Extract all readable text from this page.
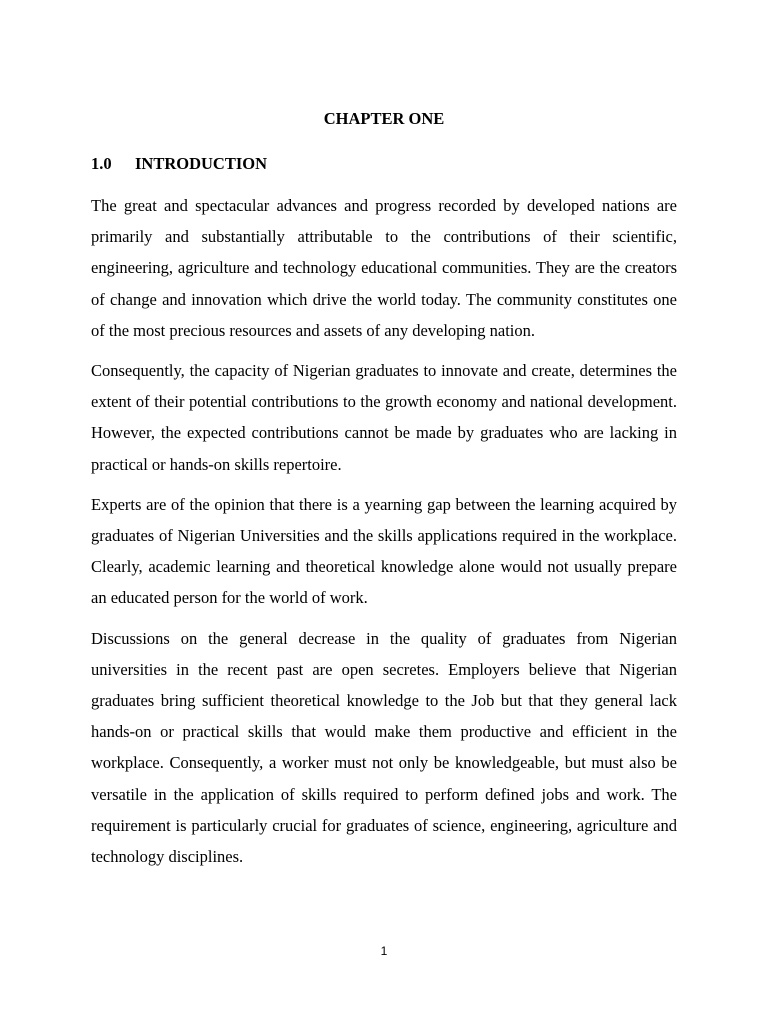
CHAPTER ONE
1.0 INTRODUCTION

The great and spectacular advances and progress recorded by developed nations are primarily and substantially attributable to the contributions of their scientific, engineering, agriculture and technology educational communities. They are the creators of change and innovation which drive the world today. The community constitutes one of the most precious resources and assets of any developing nation.

Consequently, the capacity of Nigerian graduates to innovate and create, determines the extent of their potential contributions to the growth economy and national development. However, the expected contributions cannot be made by graduates who are lacking in practical or hands-on skills repertoire.

Experts are of the opinion that there is a yearning gap between the learning acquired by graduates of Nigerian Universities and the skills applications required in the workplace. Clearly, academic learning and theoretical knowledge alone would not usually prepare an educated person for the world of work.

Discussions on the general decrease in the quality of graduates from Nigerian universities in the recent past are open secretes. Employers believe that Nigerian graduates bring sufficient theoretical knowledge to the Job but that they general lack hands-on or practical skills that would make them productive and efficient in the workplace. Consequently, a worker must not only be knowledgeable, but must also be versatile in the application of skills required to perform defined jobs and work. The requirement is particularly crucial for graduates of science, engineering, agriculture and technology disciplines.

1
